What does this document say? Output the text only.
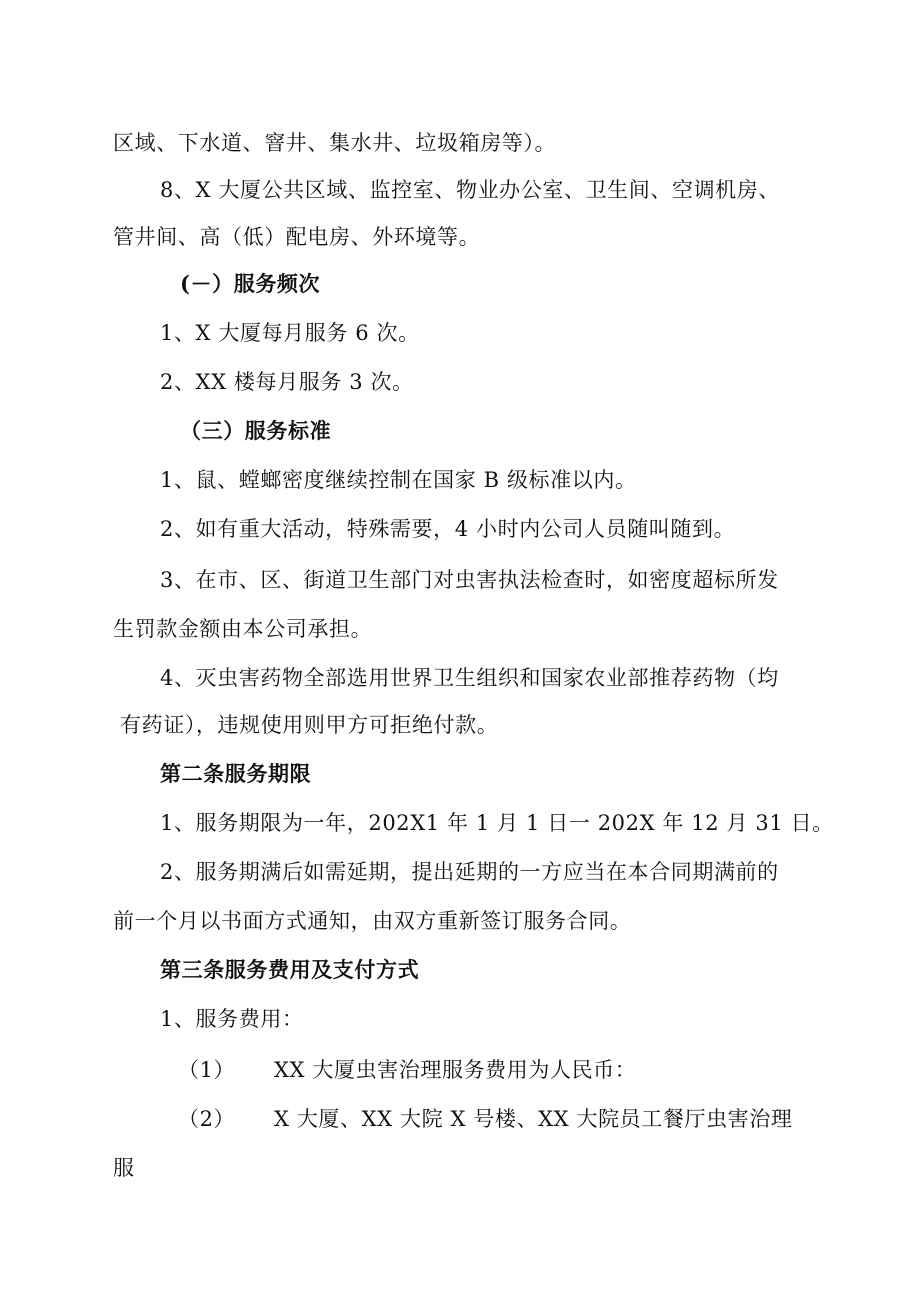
区域、下水道、窨井、集水井、垃圾箱房等）。
8、X 大厦公共区域、监控室、物业办公室、卫生间、空调机房、
管井间、高（低）配电房、外环境等。
(－）服务频次
1、X 大厦每月服务 6 次。
2、XX 楼每月服务 3 次。
（三）服务标准
1、鼠、螳螂密度继续控制在国家 B 级标准以内。
2、如有重大活动，特殊需要，4 小时内公司人员随叫随到。
3、在市、区、街道卫生部门对虫害执法检查时，如密度超标所发
生罚款金额由本公司承担。
4、灭虫害药物全部选用世界卫生组织和国家农业部推荐药物（均
有药证），违规使用则甲方可拒绝付款。
第二条服务期限
1、服务期限为一年，202X1 年 1 月 1 日一 202X 年 12 月 31 日。
2、服务期满后如需延期，提出延期的一方应当在本合同期满前的
前一个月以书面方式通知，由双方重新签订服务合同。
第三条服务费用及支付方式
1、服务费用：
（1） XX 大厦虫害治理服务费用为人民币：
（2） X 大厦、XX 大院 X 号楼、XX 大院员工餐厅虫害治理
服
